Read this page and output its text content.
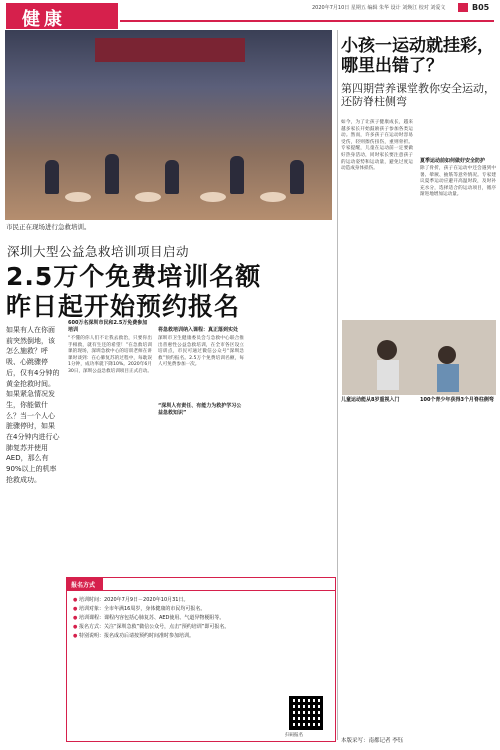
健康
2020年7月10日 星期五 编辑 朱华 设计 刘焕江 校对 刘爱文	B05
市民正在现场进行急救培训。
深圳大型公益急救培训项目启动
2.5万个免费培训名额
昨日起开始预约报名
如果有人在你面前突然倒地，该怎么施救？呼吸、心跳骤停后，仅有4分钟的黄金抢救时间。如果紧急情况发生，你能做什么？当一个人心脏骤停时，如果在4分钟内进行心肺复苏并使用AED，那么有90%以上的机率抢救成功。
600万名深圳市民和2.5万免费参加培训
“不懂的你人们不让我去救治，只要你出手相救，就有生还的希望！”在急救培训课的现场，深圳急救中心的培训老师在讲课时谈到：在心肺复苏的过程中，每耽误1分钟，成功率就下降10%。2020年6月30日，深圳公益急救培训项目正式启动。
将急救培训纳入课程：真正落到实处
深圳市卫生健康委员会与急救中心联合推出普惠性公益急救培训，在全市各区设立培训点，市民可通过微信公众号“深圳急救”预约报名。2.5万个免费培训名额，每人可免费参加一次。
“深圳人有责任、有能力为救护学习公益急救知识”
报名方式
● 培训时间：2020年7月9日－2020年10月31日。
● 培训对象：全市年满16周岁，身体健康的市民均可报名。
● 培训课程：课程内容包括心肺复苏、AED使用、气道异物梗阻等。
● 报名方式：关注“深圳急救”微信公众号，点击“预约培训”即可报名。
● 特别说明：报名成功后请按预约时间准时参加培训。
扫码报名
小孩一运动就挂彩，哪里出错了？
第四期营养课堂教你安全运动，还防脊柱侧弯
如今，为了让孩子健康成长，越来越多家长开始鼓励孩子参加各类运动。然而，许多孩子在运动时容易受伤，轻则擦伤扭伤，重则骨折。专家提醒，儿童在运动前一定要做好热身活动，同时家长要注意孩子的运动姿势和运动量，避免过度运动造成身体损伤。
夏季运动前如何做好安全防护
除了骨折，孩子在运动中还会遇到中暑、晕厥、抽筋等意外情况。专家建议夏季运动应避开高温时段，及时补充水分，选择适合的运动项目，循序渐进地增加运动量。
儿童运动能从8岁重视入门	100个青少年获得3个月脊柱侧弯
本版采写：南都记者 李钰
